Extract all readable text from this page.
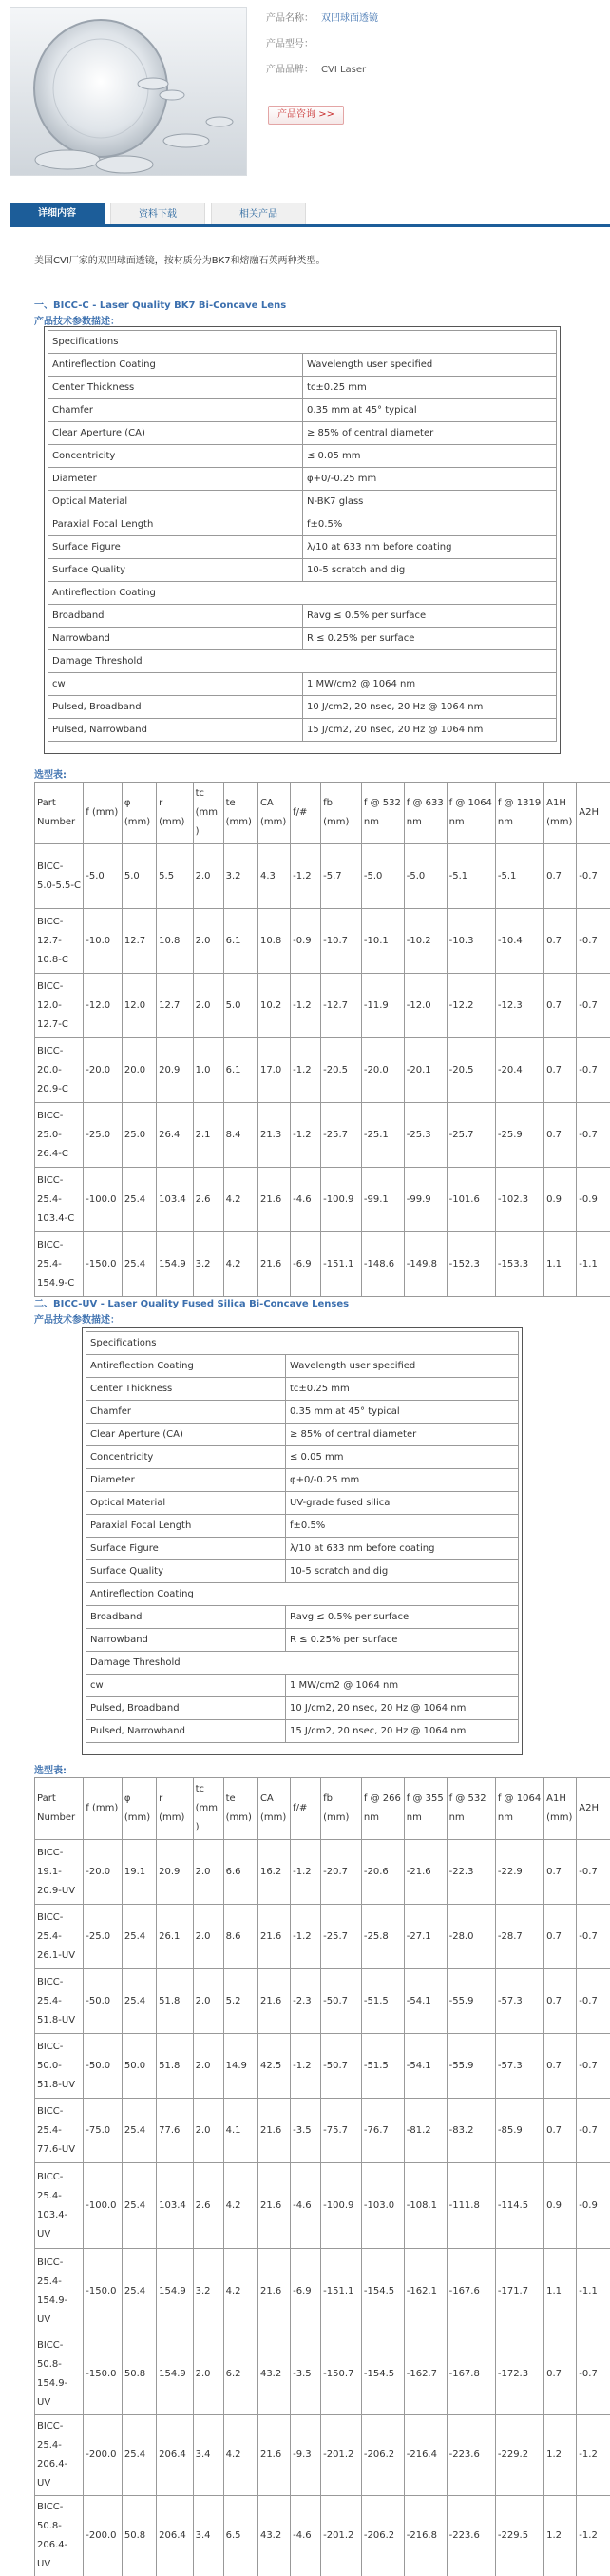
产品名称： 双凹球面透镜
产品型号：
产品品牌： CVI Laser
产品咨询 >>
详细内容	资料下载	相关产品
美国CVI厂家的双凹球面透镜，按材质分为BK7和熔融石英两种类型。
一、BICC-C - Laser Quality BK7 Bi-Concave Lens
产品技术参数描述：
Specifications	
Antireflection Coating	Wavelength user specified
Center Thickness	tc±0.25 mm
Chamfer	0.35 mm at 45° typical
Clear Aperture (CA)	≥ 85% of central diameter
Concentricity	≤ 0.05 mm
Diameter	φ+0/-0.25 mm
Optical Material	N-BK7 glass
Paraxial Focal Length	f±0.5%
Surface Figure	λ/10 at 633 nm before coating
Surface Quality	10-5 scratch and dig
Antireflection Coating	
Broadband	Ravg ≤ 0.5% per surface
Narrowband	R ≤ 0.25% per surface
Damage Threshold	
cw	1 MW/cm2 @ 1064 nm
Pulsed, Broadband	10 J/cm2, 20 nsec, 20 Hz @ 1064 nm
Pulsed, Narrowband	15 J/cm2, 20 nsec, 20 Hz @ 1064 nm
选型表:
Part Number	f (mm)	φ (mm)	r (mm)	tc (mm)	te (mm)	CA (mm)	f/#	fb (mm)	f @ 532 nm	f @ 633 nm	f @ 1064 nm	f @ 1319 nm	A1H (mm)	A2H
BICC-5.0-5.5-C	-5.0	5.0	5.5	2.0	3.2	4.3	-1.2	-5.7	-5.0	-5.0	-5.1	-5.1	0.7	-0.7
BICC-12.7-10.8-C	-10.0	12.7	10.8	2.0	6.1	10.8	-0.9	-10.7	-10.1	-10.2	-10.3	-10.4	0.7	-0.7
BICC-12.0-12.7-C	-12.0	12.0	12.7	2.0	5.0	10.2	-1.2	-12.7	-11.9	-12.0	-12.2	-12.3	0.7	-0.7
BICC-20.0-20.9-C	-20.0	20.0	20.9	1.0	6.1	17.0	-1.2	-20.5	-20.0	-20.1	-20.5	-20.4	0.7	-0.7
BICC-25.0-26.4-C	-25.0	25.0	26.4	2.1	8.4	21.3	-1.2	-25.7	-25.1	-25.3	-25.7	-25.9	0.7	-0.7
BICC-25.4-103.4-C	-100.0	25.4	103.4	2.6	4.2	21.6	-4.6	-100.9	-99.1	-99.9	-101.6	-102.3	0.9	-0.9
BICC-25.4-154.9-C	-150.0	25.4	154.9	3.2	4.2	21.6	-6.9	-151.1	-148.6	-149.8	-152.3	-153.3	1.1	-1.1
二、BICC-UV - Laser Quality Fused Silica Bi-Concave Lenses
产品技术参数描述：
Specifications	
Antireflection Coating	Wavelength user specified
Center Thickness	tc±0.25 mm
Chamfer	0.35 mm at 45° typical
Clear Aperture (CA)	≥ 85% of central diameter
Concentricity	≤ 0.05 mm
Diameter	φ+0/-0.25 mm
Optical Material	UV-grade fused silica
Paraxial Focal Length	f±0.5%
Surface Figure	λ/10 at 633 nm before coating
Surface Quality	10-5 scratch and dig
Antireflection Coating	
Broadband	Ravg ≤ 0.5% per surface
Narrowband	R ≤ 0.25% per surface
Damage Threshold	
cw	1 MW/cm2 @ 1064 nm
Pulsed, Broadband	10 J/cm2, 20 nsec, 20 Hz @ 1064 nm
Pulsed, Narrowband	15 J/cm2, 20 nsec, 20 Hz @ 1064 nm
选型表:
Part Number	f (mm)	φ (mm)	r (mm)	tc (mm)	te (mm)	CA (mm)	f/#	fb (mm)	f @ 266 nm	f @ 355 nm	f @ 532 nm	f @ 1064 nm	A1H (mm)	A2H
BICC-19.1-20.9-UV	-20.0	19.1	20.9	2.0	6.6	16.2	-1.2	-20.7	-20.6	-21.6	-22.3	-22.9	0.7	-0.7
BICC-25.4-26.1-UV	-25.0	25.4	26.1	2.0	8.6	21.6	-1.2	-25.7	-25.8	-27.1	-28.0	-28.7	0.7	-0.7
BICC-25.4-51.8-UV	-50.0	25.4	51.8	2.0	5.2	21.6	-2.3	-50.7	-51.5	-54.1	-55.9	-57.3	0.7	-0.7
BICC-50.0-51.8-UV	-50.0	50.0	51.8	2.0	14.9	42.5	-1.2	-50.7	-51.5	-54.1	-55.9	-57.3	0.7	-0.7
BICC-25.4-77.6-UV	-75.0	25.4	77.6	2.0	4.1	21.6	-3.5	-75.7	-76.7	-81.2	-83.2	-85.9	0.7	-0.7
BICC-25.4-103.4-UV	-100.0	25.4	103.4	2.6	4.2	21.6	-4.6	-100.9	-103.0	-108.1	-111.8	-114.5	0.9	-0.9
BICC-25.4-154.9-UV	-150.0	25.4	154.9	3.2	4.2	21.6	-6.9	-151.1	-154.5	-162.1	-167.6	-171.7	1.1	-1.1
BICC-50.8-154.9-UV	-150.0	50.8	154.9	2.0	6.2	43.2	-3.5	-150.7	-154.5	-162.7	-167.8	-172.3	0.7	-0.7
BICC-25.4-206.4-UV	-200.0	25.4	206.4	3.4	4.2	21.6	-9.3	-201.2	-206.2	-216.4	-223.6	-229.2	1.2	-1.2
BICC-50.8-206.4-UV	-200.0	50.8	206.4	3.4	6.5	43.2	-4.6	-201.2	-206.2	-216.8	-223.6	-229.5	1.2	-1.2
